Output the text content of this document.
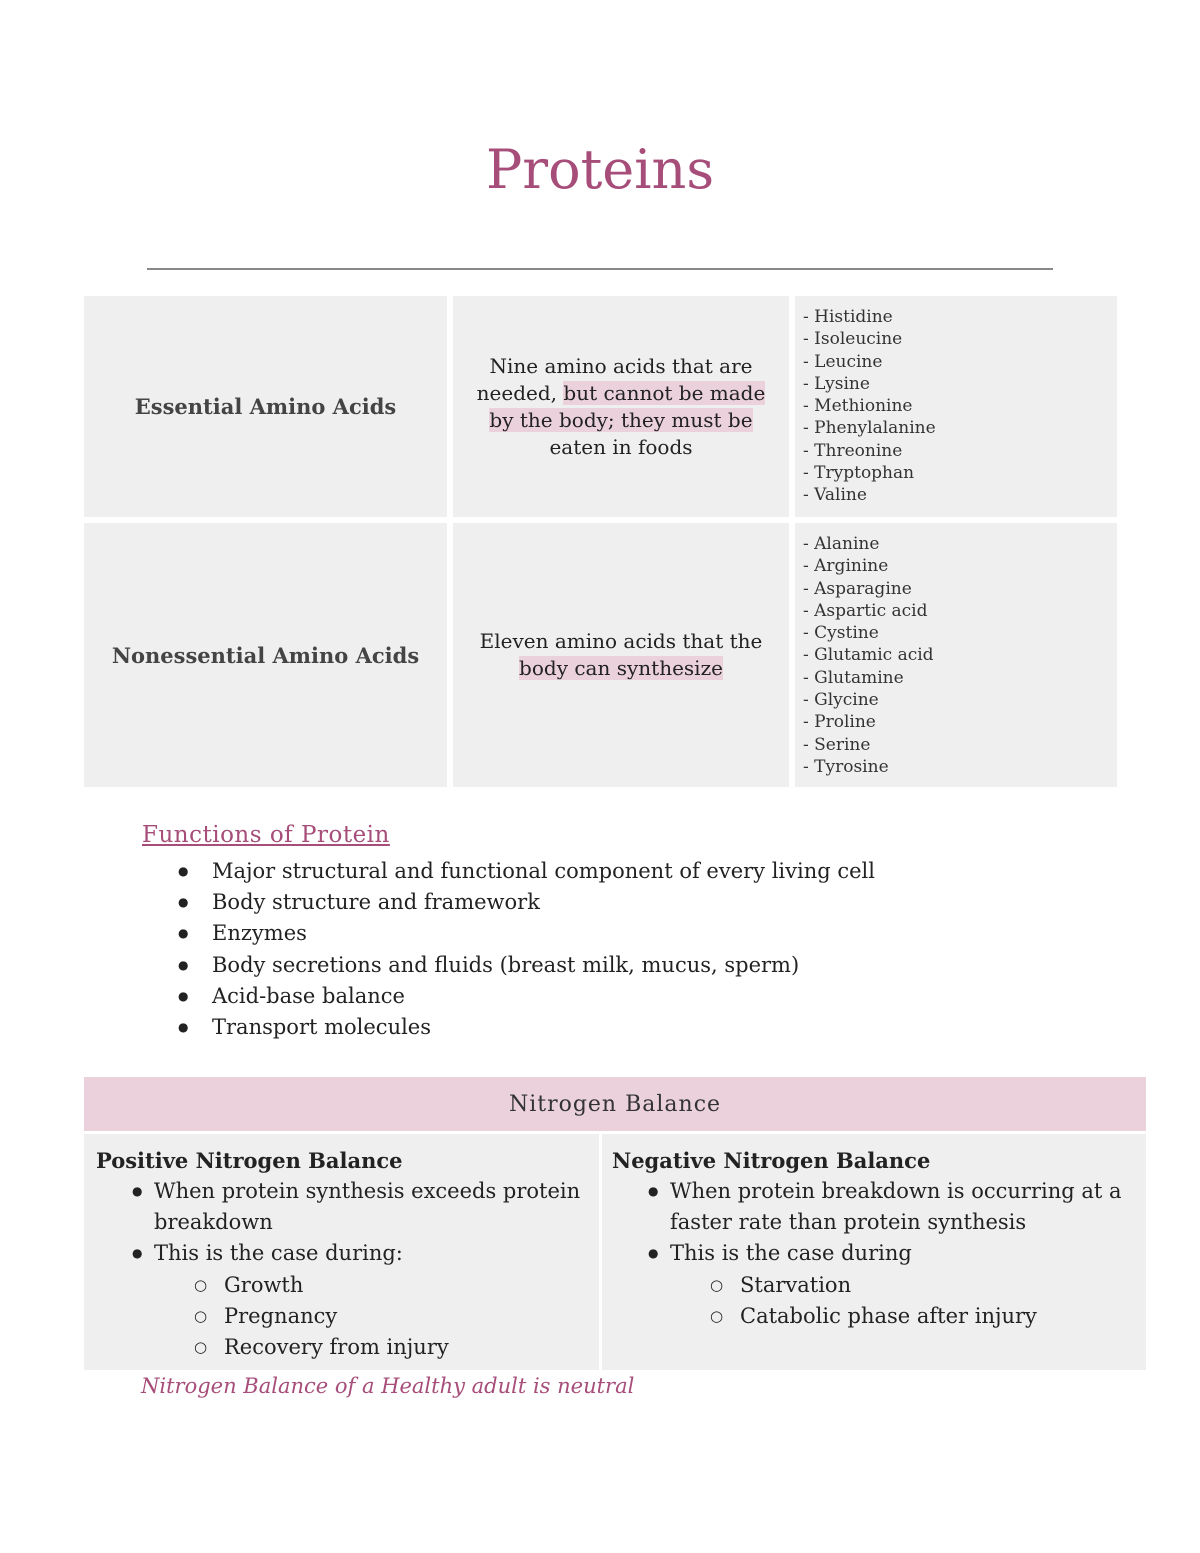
Proteins
Essential Amino Acids
Nine amino acids that are needed, but cannot be made by the body; they must be eaten in foods
- Histidine
- Isoleucine
- Leucine
- Lysine
- Methionine
- Phenylalanine
- Threonine
- Tryptophan
- Valine
Nonessential Amino Acids
Eleven amino acids that the body can synthesize
- Alanine
- Arginine
- Asparagine
- Aspartic acid
- Cystine
- Glutamic acid
- Glutamine
- Glycine
- Proline
- Serine
- Tyrosine
Functions of Protein
● Major structural and functional component of every living cell
● Body structure and framework
● Enzymes
● Body secretions and fluids (breast milk, mucus, sperm)
● Acid-base balance
● Transport molecules
Nitrogen Balance
Positive Nitrogen Balance
● When protein synthesis exceeds protein breakdown
● This is the case during:
○ Growth
○ Pregnancy
○ Recovery from injury
Negative Nitrogen Balance
● When protein breakdown is occurring at a faster rate than protein synthesis
● This is the case during
○ Starvation
○ Catabolic phase after injury

Nitrogen Balance of a Healthy adult is neutral
